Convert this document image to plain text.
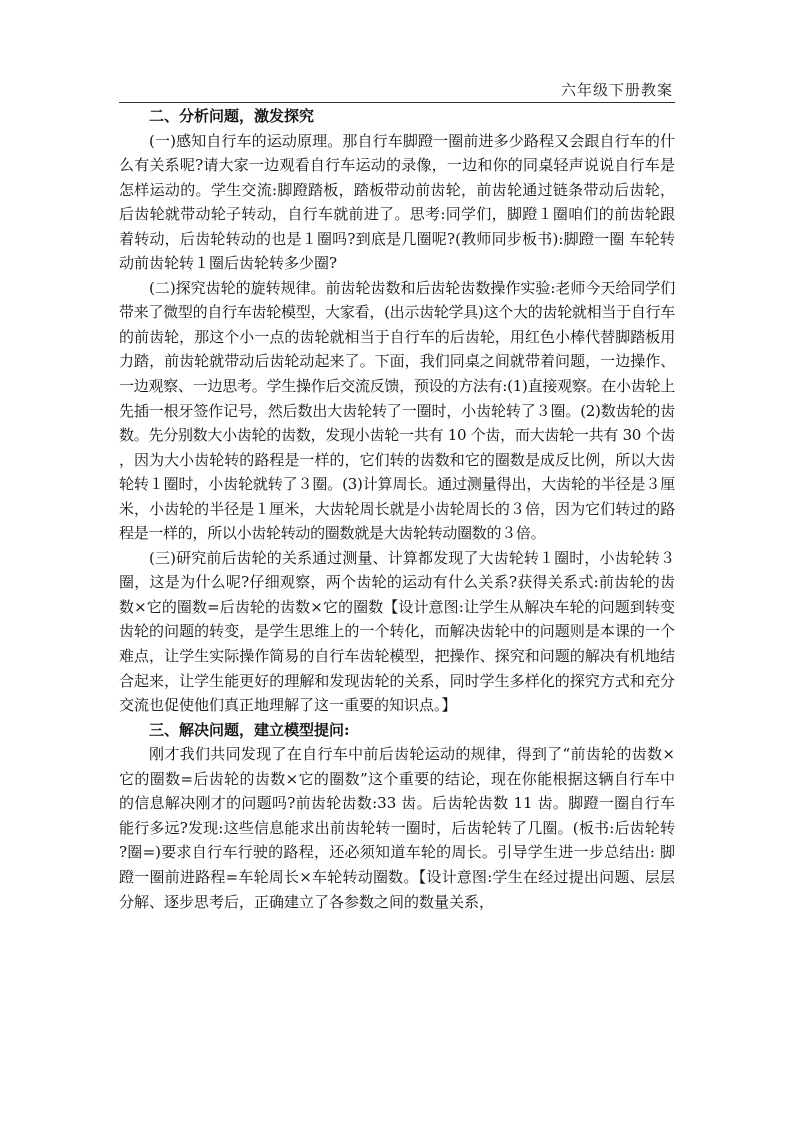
六年级下册教案

二、分析问题，激发探究

(一)感知自行车的运动原理。那自行车脚蹬一圈前进多少路程又会跟自行车的什么有关系呢?请大家一边观看自行车运动的录像，一边和你的同桌轻声说说自行车是怎样运动的。学生交流:脚蹬踏板，踏板带动前齿轮，前齿轮通过链条带动后齿轮，后齿轮就带动轮子转动，自行车就前进了。思考:同学们，脚蹬１圈咱们的前齿轮跟着转动，后齿轮转动的也是１圈吗?到底是几圈呢?(教师同步板书):脚蹬一圈 车轮转动前齿轮转１圈后齿轮转多少圈?

(二)探究齿轮的旋转规律。前齿轮齿数和后齿轮齿数操作实验:老师今天给同学们带来了微型的自行车齿轮模型，大家看，(出示齿轮学具)这个大的齿轮就相当于自行车的前齿轮，那这个小一点的齿轮就相当于自行车的后齿轮，用红色小棒代替脚踏板用力踏，前齿轮就带动后齿轮动起来了。下面，我们同桌之间就带着问题，一边操作、一边观察、一边思考。学生操作后交流反馈，预设的方法有:(1)直接观察。在小齿轮上先插一根牙签作记号，然后数出大齿轮转了一圈时，小齿轮转了３圈。(2)数齿轮的齿数。先分别数大小齿轮的齿数，发现小齿轮一共有 10 个齿，而大齿轮一共有 30 个齿，因为大小齿轮转的路程是一样的，它们转的齿数和它的圈数是成反比例，所以大齿轮转１圈时，小齿轮就转了３圈。(3)计算周长。通过测量得出，大齿轮的半径是３厘米，小齿轮的半径是１厘米，大齿轮周长就是小齿轮周长的３倍，因为它们转过的路程是一样的，所以小齿轮转动的圈数就是大齿轮转动圈数的３倍。

(三)研究前后齿轮的关系通过测量、计算都发现了大齿轮转１圈时，小齿轮转３圈，这是为什么呢?仔细观察，两个齿轮的运动有什么关系?获得关系式:前齿轮的齿数×它的圈数=后齿轮的齿数×它的圈数【设计意图:让学生从解决车轮的问题到转变齿轮的问题的转变，是学生思维上的一个转化，而解决齿轮中的问题则是本课的一个难点，让学生实际操作简易的自行车齿轮模型，把操作、探究和问题的解决有机地结合起来，让学生能更好的理解和发现齿轮的关系，同时学生多样化的探究方式和充分交流也促使他们真正地理解了这一重要的知识点。】

三、解决问题，建立模型提问:

刚才我们共同发现了在自行车中前后齿轮运动的规律，得到了“前齿轮的齿数× 它的圈数=后齿轮的齿数×它的圈数”这个重要的结论，现在你能根据这辆自行车中的信息解决刚才的问题吗?前齿轮齿数:33 齿。后齿轮齿数 11 齿。脚蹬一圈自行车能行多远?发现:这些信息能求出前齿轮转一圈时，后齿轮转了几圈。(板书:后齿轮转?圈=)要求自行车行驶的路程，还必须知道车轮的周长。引导学生进一步总结出: 脚蹬一圈前进路程=车轮周长×车轮转动圈数。【设计意图:学生在经过提出问题、层层分解、逐步思考后，正确建立了各参数之间的数量关系，
